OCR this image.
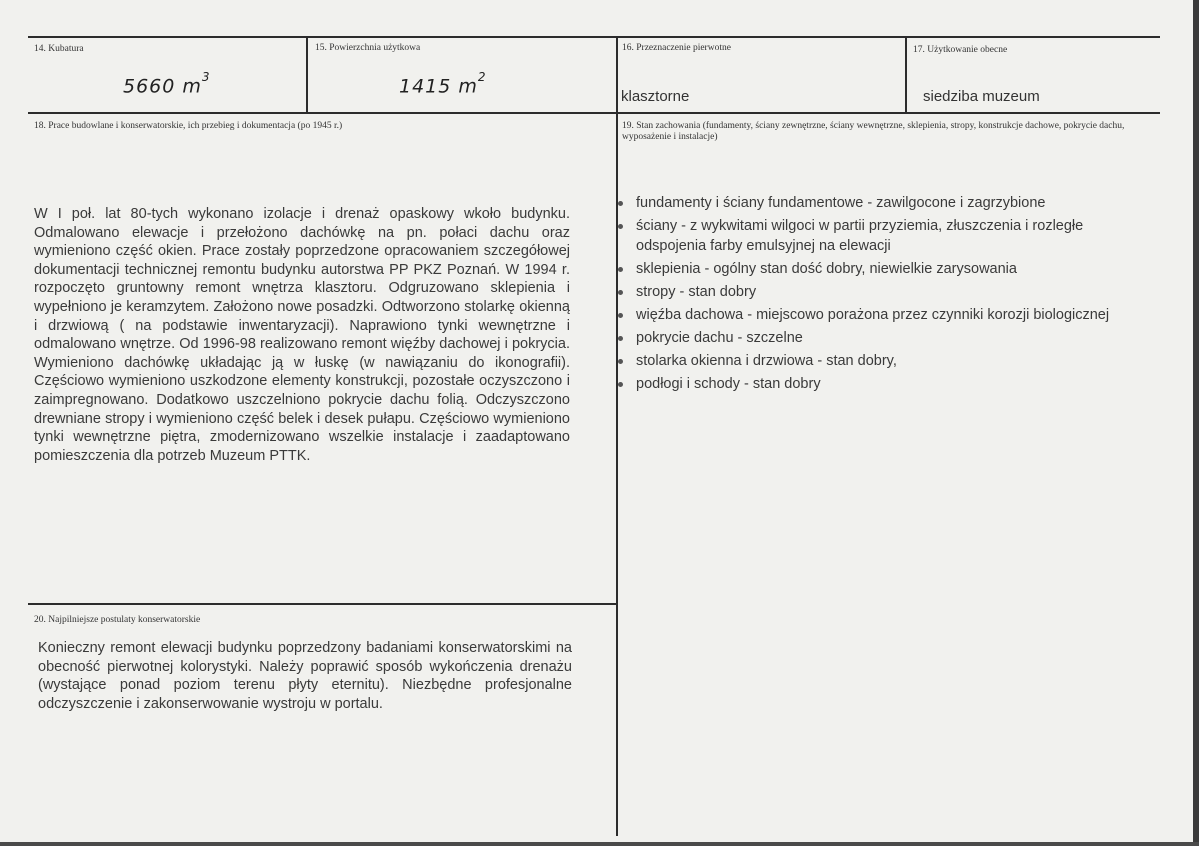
14. Kubatura
5660 $m^3$
15. Powierzchnia użytkowa
1415 $m^2$
16. Przeznaczenie pierwotne
klasztorne
17. Użytkowanie obecne
siedziba muzeum
18. Prace budowlane i konserwatorskie, ich przebieg i dokumentacja (po 1945 r.)

W I poł. lat 80-tych wykonano izolacje i drenaż opaskowy wkoło budynku. Odmalowano elewacje i przełożono dachówkę na pn. połaci dachu oraz wymieniono część okien. Prace zostały poprzedzone opracowaniem szczegółowej dokumentacji technicznej remontu budynku autorstwa PP PKZ Poznań. W 1994 r. rozpoczęto gruntowny remont wnętrza klasztoru. Odgruzowano sklepienia i wypełniono je keramzytem. Założono nowe posadzki. Odtworzono stolarkę okienną i drzwiową ( na podstawie inwentaryzacji). Naprawiono tynki wewnętrzne i odmalowano wnętrze. Od 1996-98 realizowano remont więźby dachowej i pokrycia. Wymieniono dachówkę układając ją w łuskę (w nawiązaniu do ikonografii). Częściowo wymieniono uszkodzone elementy konstrukcji, pozostałe oczyszczono i zaimpregnowano. Dodatkowo uszczelniono pokrycie dachu folią. Odczyszczono drewniane stropy i wymieniono część belek i desek pułapu. Częściowo wymieniono tynki wewnętrzne piętra, zmodernizowano wszelkie instalacje i zaadaptowano pomieszczenia dla potrzeb Muzeum PTTK.

19. Stan zachowania (fundamenty, ściany zewnętrzne, ściany wewnętrzne, sklepienia, stropy, konstrukcje dachowe, pokrycie dachu, wyposażenie i instalacje)
fundamenty i ściany fundamentowe - zawilgocone i zagrzybione
ściany - z wykwitami wilgoci w partii przyziemia, złuszczenia i rozległe odspojenia farby emulsyjnej na elewacji
sklepienia - ogólny stan dość dobry, niewielkie zarysowania
stropy - stan dobry
więźba dachowa - miejscowo porażona przez czynniki korozji biologicznej
pokrycie dachu - szczelne
stolarka okienna i drzwiowa - stan dobry,
podłogi i schody - stan dobry
20. Najpilniejsze postulaty konserwatorskie

Konieczny remont elewacji budynku poprzedzony badaniami konserwatorskimi na obecność pierwotnej kolorystyki. Należy poprawić sposób wykończenia drenażu (wystające ponad poziom terenu płyty eternitu). Niezbędne profesjonalne odczyszczenie i zakonserwowanie wystroju w portalu.
